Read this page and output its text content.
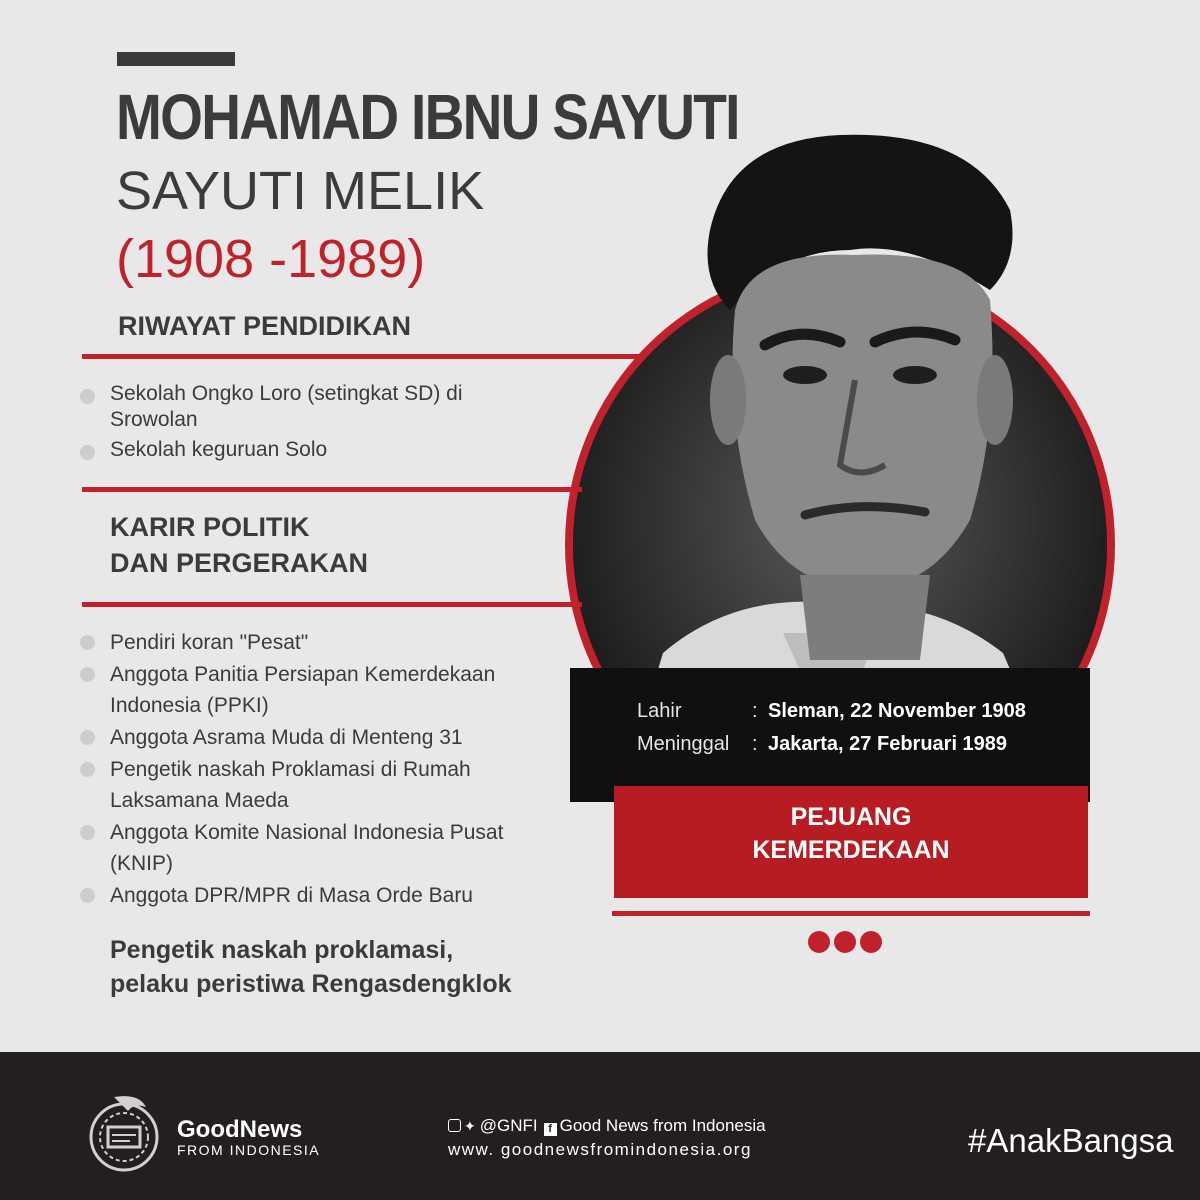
MOHAMAD IBNU SAYUTI
SAYUTI MELIK
(1908 -1989)
RIWAYAT PENDIDIKAN
Sekolah Ongko Loro (setingkat SD) di Srowolan
Sekolah keguruan Solo
KARIR POLITIK
DAN PERGERAKAN
Pendiri koran "Pesat"
Anggota Panitia Persiapan Kemerdekaan Indonesia (PPKI)
Anggota Asrama Muda di Menteng 31
Pengetik naskah Proklamasi di Rumah Laksamana Maeda
Anggota Komite Nasional Indonesia Pusat (KNIP)
Anggota DPR/MPR di Masa Orde Baru
Pengetik naskah proklamasi,
pelaku peristiwa Rengasdengklok
Lahir	: Sleman, 22 November 1908
Meninggal : Jakarta, 27 Februari 1989
PEJUANG
KEMERDEKAAN
GoodNews
FROM INDONESIA
✦ @GNFI f Good News from Indonesia
www. goodnewsfromindonesia.org	#AnakBangsa
